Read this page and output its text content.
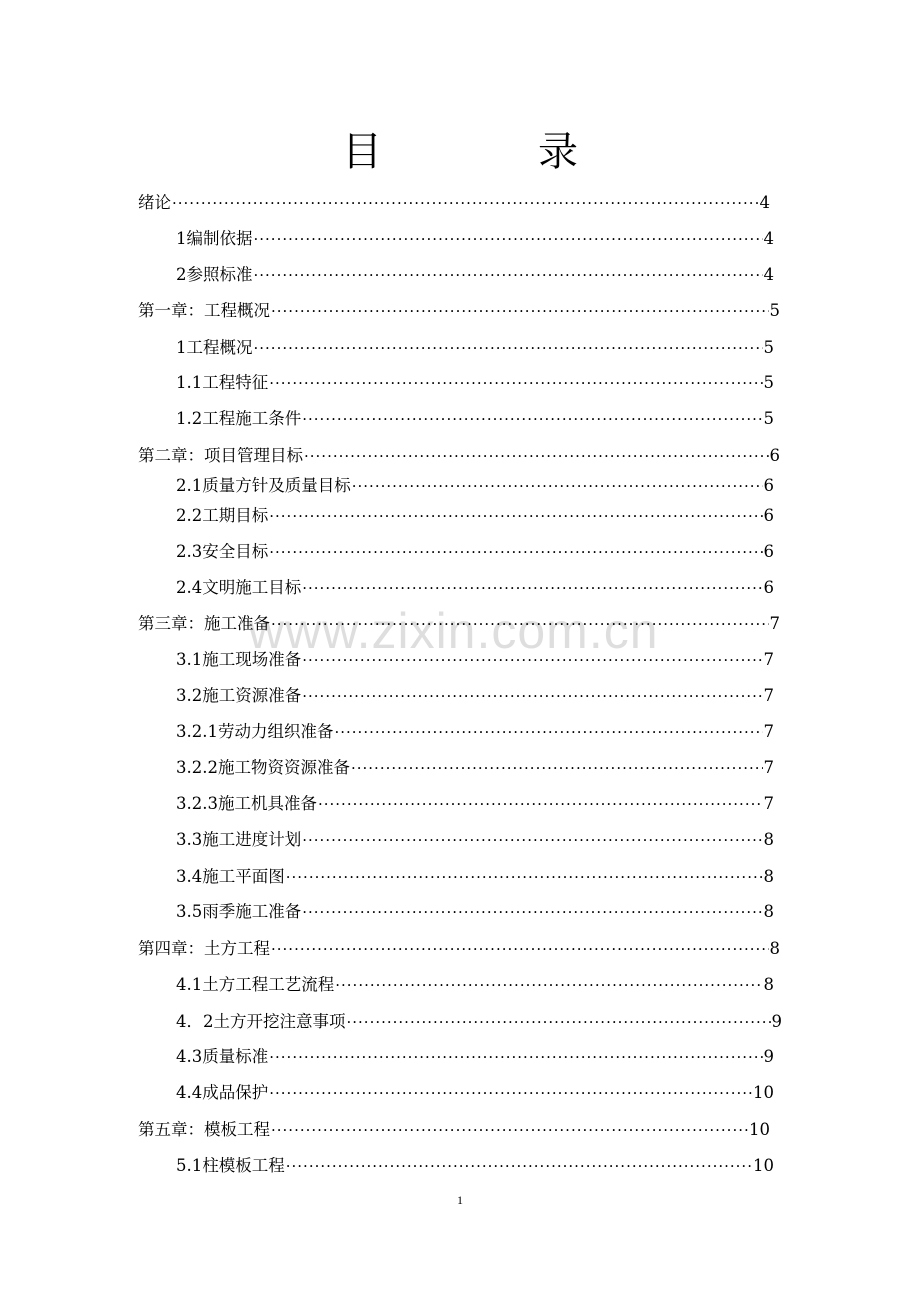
目　录
www.zixin.com.cn
绪论 ·····	4
1编制依据 ·····	4
2参照标准 ·····	4
第一章：工程概况 ·····	5
1工程概况 ·····	5
1.1工程特征 ·····	5
1.2工程施工条件 ·····	5
第二章：项目管理目标 ·····	6
2.1质量方针及质量目标 ·····	6
2.2工期目标 ·····	6
2.3安全目标 ·····	6
2.4文明施工目标 ·····	6
第三章：施工准备 ·····	7
3.1施工现场准备 ·····	7
3.2施工资源准备 ·····	7
3.2.1劳动力组织准备 ·····	7
3.2.2施工物资资源准备 ·····	7
3.2.3施工机具准备 ·····	7
3.3施工进度计划 ·····	8
3.4施工平面图 ·····	8
3.5雨季施工准备 ·····	8
第四章：土方工程 ·····	8
4.1土方工程工艺流程 ·····	8
4．2土方开挖注意事项 ·····	9
4.3质量标准 ·····	9
4.4成品保护 ·····	10
第五章：模板工程 ·····	10
5.1柱模板工程 ·····	10
1
